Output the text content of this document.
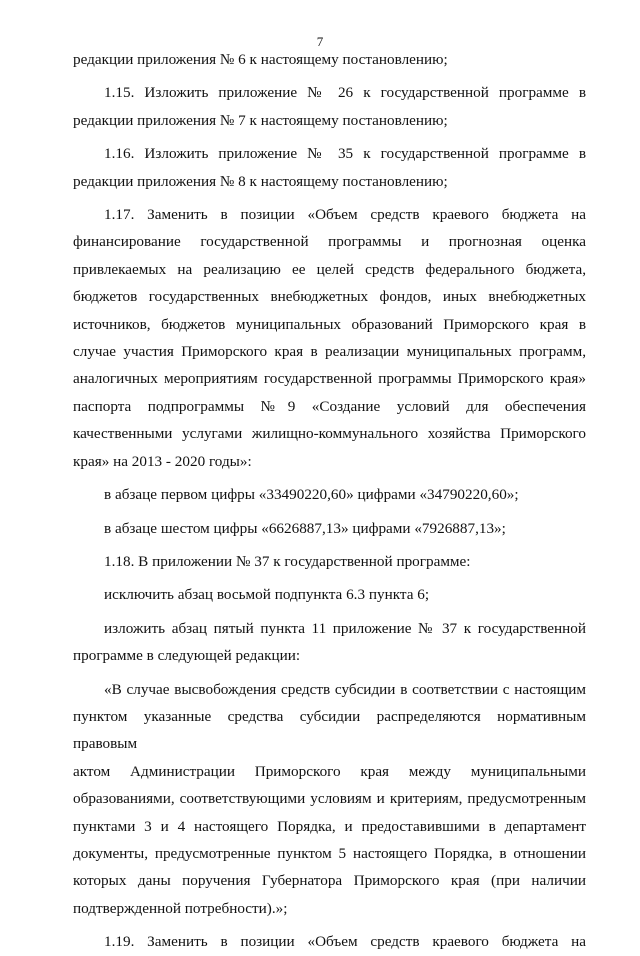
7

редакции приложения № 6 к настоящему постановлению;

1.15. Изложить приложение № 26 к государственной программе в

редакции приложения № 7 к настоящему постановлению;

1.16. Изложить приложение № 35 к государственной программе в

редакции приложения № 8 к настоящему постановлению;

1.17. Заменить в позиции «Объем средств краевого бюджета на

финансирование государственной программы и прогнозная оценка

привлекаемых на реализацию ее целей средств федерального бюджета,

бюджетов государственных внебюджетных фондов, иных внебюджетных

источников, бюджетов муниципальных образований Приморского края в

случае участия Приморского края в реализации муниципальных программ,

аналогичных мероприятиям государственной программы Приморского края»

паспорта подпрограммы №9 «Создание условий для обеспечения

качественными услугами жилищно-коммунального хозяйства Приморского

края» на 2013 - 2020 годы»:

в абзаце первом цифры «33490220,60» цифрами «34790220,60»;

в абзаце шестом цифры «6626887,13» цифрами «7926887,13»;

1.18. В приложении № 37 к государственной программе:

исключить абзац восьмой подпункта 6.3 пункта 6;

изложить абзац пятый пункта 11 приложение № 37 к государственной

программе в следующей редакции:

«В случае высвобождения средств субсидии в соответствии с настоящим

пунктом указанные средства субсидии распределяются нормативным правовым

актом Администрации Приморского края между муниципальными

образованиями, соответствующими условиям и критериям, предусмотренным

пунктами 3 и 4 настоящего Порядка, и предоставившими в департамент

документы, предусмотренные пунктом 5 настоящего Порядка, в отношении

которых даны поручения Губернатора Приморского края (при наличии

подтвержденной потребности).»;

1.19. Заменить в позиции «Объем средств краевого бюджета на
